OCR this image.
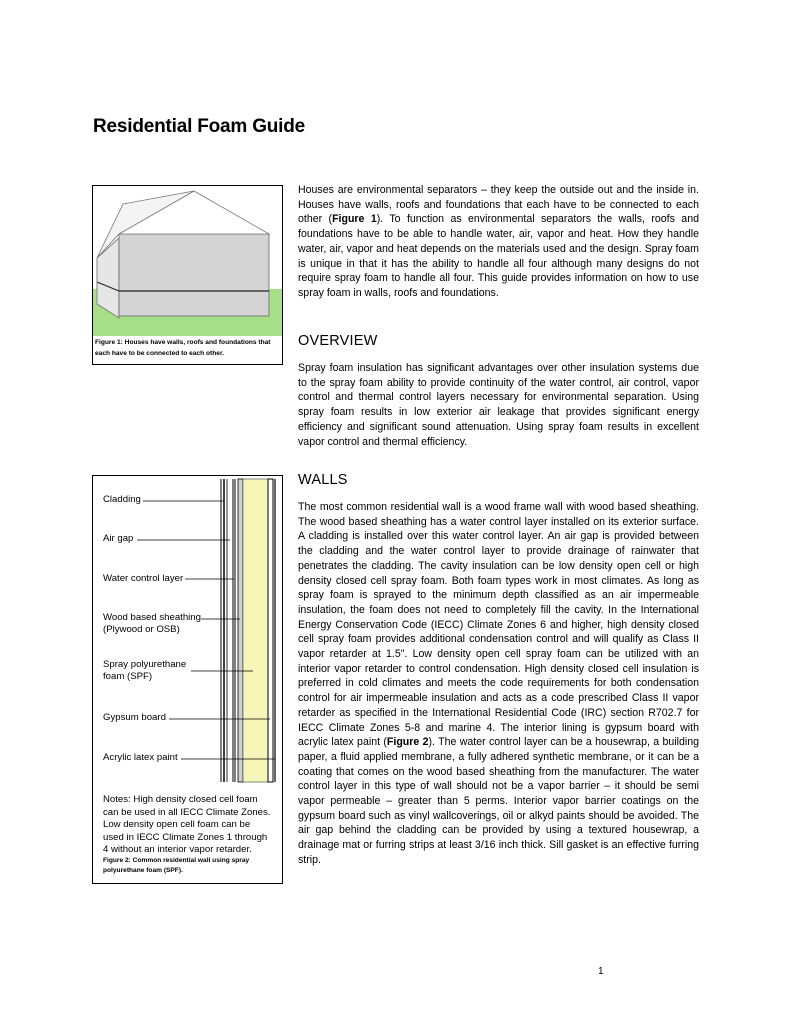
Residential Foam Guide
Figure 1: Houses have walls, roofs and foundations that each have to be connected to each other.
Houses are environmental separators – they keep the outside out and the inside in. Houses have walls, roofs and foundations that each have to be connected to each other (Figure 1). To function as environmental separators the walls, roofs and foundations have to be able to handle water, air, vapor and heat. How they handle water, air, vapor and heat depends on the materials used and the design. Spray foam is unique in that it has the ability to handle all four although many designs do not require spray foam to handle all four. This guide provides information on how to use spray foam in walls, roofs and foundations.
OVERVIEW
Spray foam insulation has significant advantages over other insulation systems due to the spray foam ability to provide continuity of the water control, air control, vapor control and thermal control layers necessary for environmental separation. Using spray foam results in low exterior air leakage that provides significant energy efficiency and significant sound attenuation. Using spray foam results in excellent vapor control and thermal efficiency.
WALLS
The most common residential wall is a wood frame wall with wood based sheathing. The wood based sheathing has a water control layer installed on its exterior surface. A cladding is installed over this water control layer. An air gap is provided between the cladding and the water control layer to provide drainage of rainwater that penetrates the cladding. The cavity insulation can be low density open cell or high density closed cell spray foam. Both foam types work in most climates. As long as spray foam is sprayed to the minimum depth classified as an air impermeable insulation, the foam does not need to completely fill the cavity. In the International Energy Conservation Code (IECC) Climate Zones 6 and higher, high density closed cell spray foam provides additional condensation control and will qualify as Class II vapor retarder at 1.5". Low density open cell spray foam can be utilized with an interior vapor retarder to control condensation. High density closed cell insulation is preferred in cold climates and meets the code requirements for both condensation control for air impermeable insulation and acts as a code prescribed Class II vapor retarder as specified in the International Residential Code (IRC) section R702.7 for IECC Climate Zones 5-8 and marine 4. The interior lining is gypsum board with acrylic latex paint (Figure 2). The water control layer can be a housewrap, a building paper, a fluid applied membrane, a fully adhered synthetic membrane, or it can be a coating that comes on the wood based sheathing from the manufacturer. The water control layer in this type of wall should not be a vapor barrier – it should be semi vapor permeable – greater than 5 perms. Interior vapor barrier coatings on the gypsum board such as vinyl wallcoverings, oil or alkyd paints should be avoided. The air gap behind the cladding can be provided by using a textured housewrap, a drainage mat or furring strips at least 3/16 inch thick. Sill gasket is an effective furring strip.
Cladding
Air gap
Water control layer
Wood based sheathing
(Plywood or OSB)
Spray polyurethane
foam (SPF)
Gypsum board
Acrylic latex paint
Notes: High density closed cell foam can be used in all IECC Climate Zones. Low density open cell foam can be used in IECC Climate Zones 1 through 4 without an interior vapor retarder.
Figure 2: Common residential wall using spray polyurethane foam (SPF).
1
